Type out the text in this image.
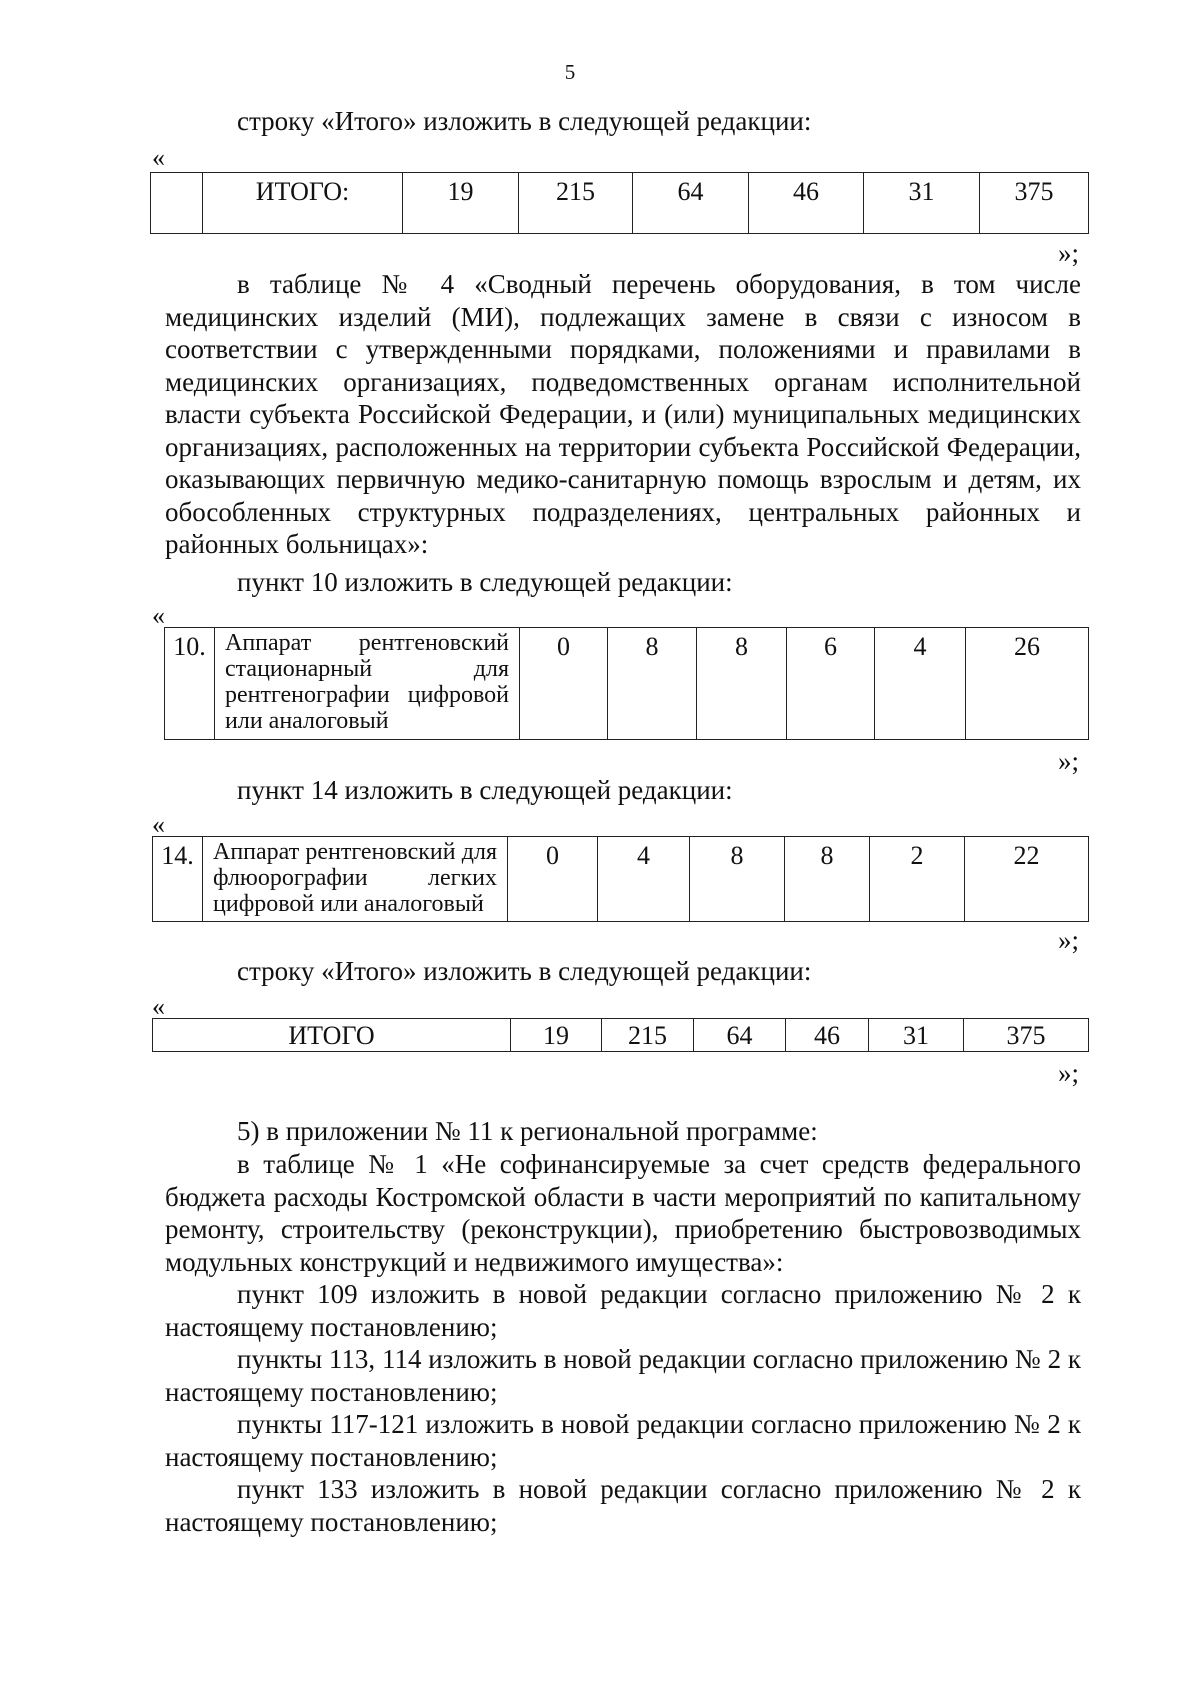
5
строку «Итого» изложить в следующей редакции:
«
	ИТОГО:	19	215	64	46	31	375
»;
в таблице № 4 «Сводный перечень оборудования, в том числе медицинских изделий (МИ), подлежащих замене в связи с износом в соответствии с утвержденными порядками, положениями и правилами в медицинских организациях, подведомственных органам исполнительной власти субъекта Российской Федерации, и (или) муниципальных медицинских организациях, расположенных на территории субъекта Российской Федерации, оказывающих первичную медико-санитарную помощь взрослым и детям, их обособленных структурных подразделениях, центральных районных и районных больницах»:
пункт 10 изложить в следующей редакции:
«
10.	Аппарат рентгеновский стационарный для рентгенографии цифровой или аналоговый	0	8	8	6	4	26
»;
пункт 14 изложить в следующей редакции:
«
14.	Аппарат рентгеновский для флюорографии легких цифровой или аналоговый	0	4	8	8	2	22
»;
строку «Итого» изложить в следующей редакции:
«
ИТОГО	19	215	64	46	31	375
»;
5) в приложении № 11 к региональной программе:
в таблице № 1 «Не софинансируемые за счет средств федерального бюджета расходы Костромской области в части мероприятий по капитальному ремонту, строительству (реконструкции), приобретению быстровозводимых модульных конструкций и недвижимого имущества»:
пункт 109 изложить в новой редакции согласно приложению № 2 к настоящему постановлению;
пункты 113, 114 изложить в новой редакции согласно приложению № 2 к настоящему постановлению;
пункты 117-121 изложить в новой редакции согласно приложению № 2 к настоящему постановлению;
пункт 133 изложить в новой редакции согласно приложению № 2 к настоящему постановлению;
